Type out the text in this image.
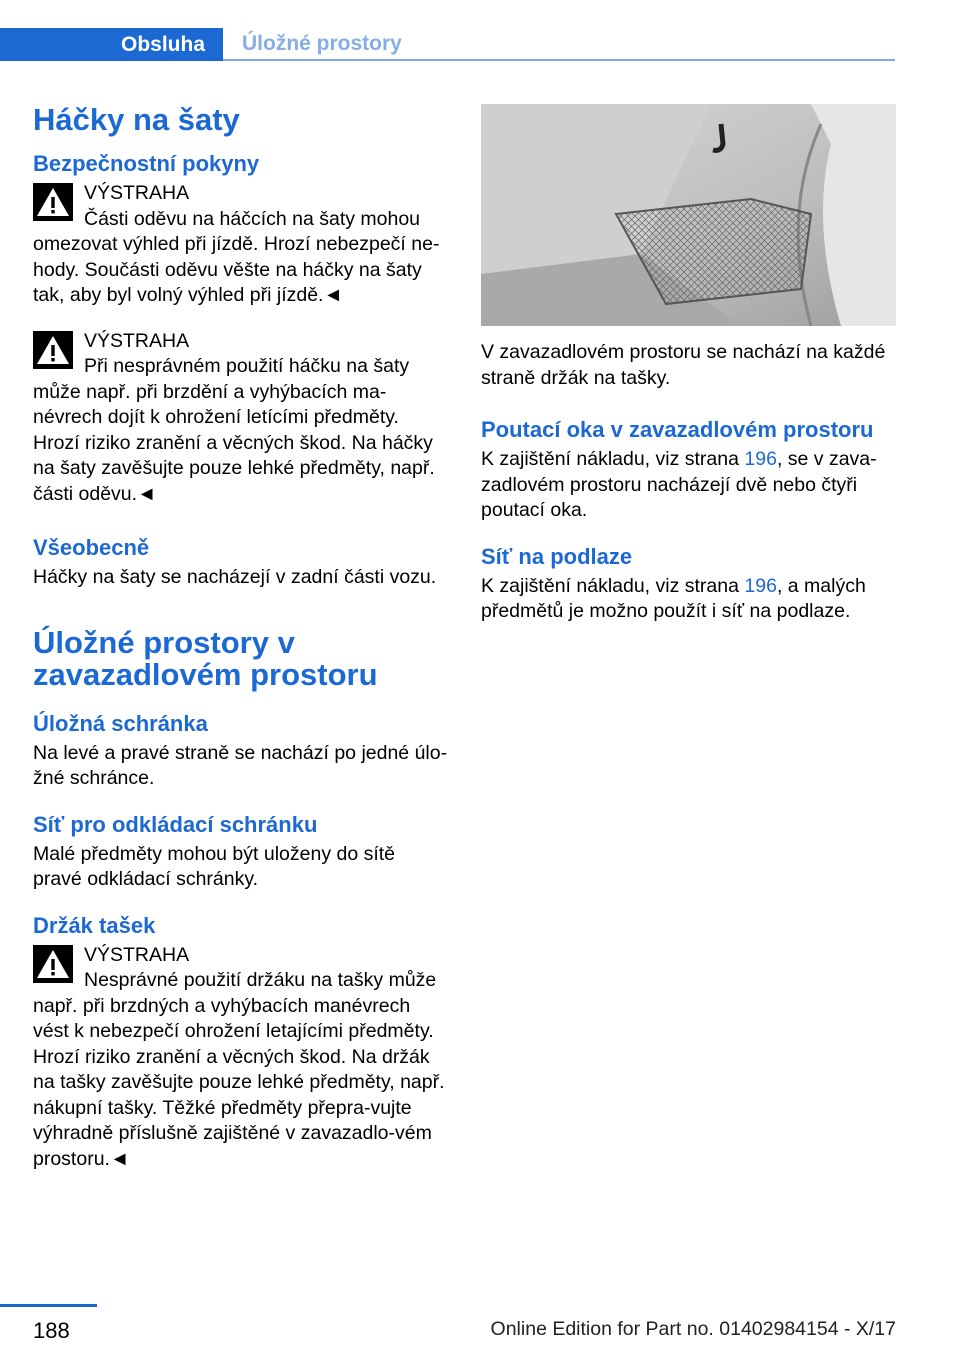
Obsluha	Úložné prostory
Háčky na šaty
Bezpečnostní pokyny
VÝSTRAHA
Části oděvu na háčcích na šaty mohou omezovat výhled při jízdě. Hrozí nebezpečí ne‐hody. Součásti oděvu věšte na háčky na šaty tak, aby byl volný výhled při jízdě.◄
VÝSTRAHA
Při nesprávném použití háčku na šaty může např. při brzdění a vyhýbacích ma‐névrech dojít k ohrožení letícími předměty. Hrozí riziko zranění a věcných škod. Na háčky na šaty zavěšujte pouze lehké předměty, např. části oděvu.◄
Všeobecně
Háčky na šaty se nacházejí v zadní části vozu.
Úložné prostory v zavazadlovém prostoru
Úložná schránka
Na levé a pravé straně se nachází po jedné úlo‐žné schránce.
Síť pro odkládací schránku
Malé předměty mohou být uloženy do sítě pravé odkládací schránky.
Držák tašek
VÝSTRAHA
Nesprávné použití držáku na tašky může např. při brzdných a vyhýbacích manévrech vést k nebezpečí ohrožení letajícími předměty. Hrozí riziko zranění a věcných škod. Na držák na tašky zavěšujte pouze lehké předměty, např. nákupní tašky. Těžké předměty přepra‐vujte výhradně příslušně zajištěné v zavazadlo‐vém prostoru.◄
V zavazadlovém prostoru se nachází na každé straně držák na tašky.
Poutací oka v zavazadlovém prostoru
K zajištění nákladu, viz strana 196, se v zava‐zadlovém prostoru nacházejí dvě nebo čtyři poutací oka.
Síť na podlaze
K zajištění nákladu, viz strana 196, a malých předmětů je možno použít i síť na podlaze.
188	Online Edition for Part no. 01402984154 - X/17
